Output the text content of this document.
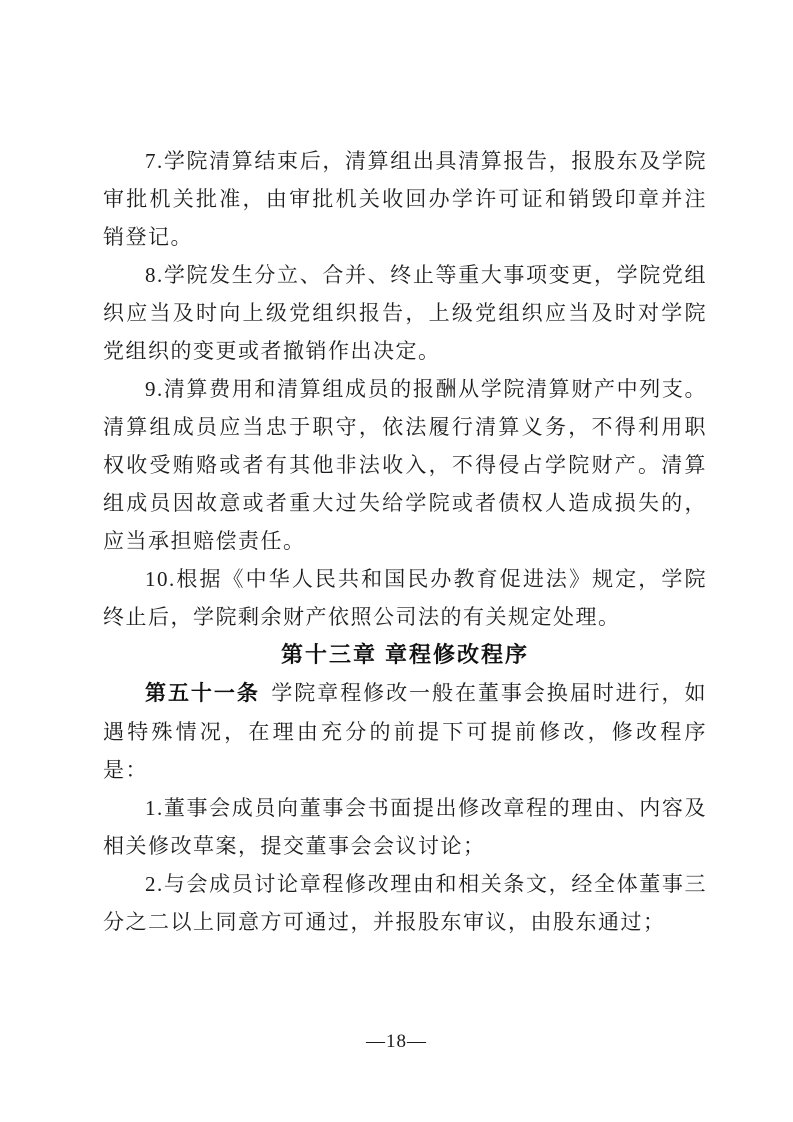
7.学院清算结束后，清算组出具清算报告，报股东及学院审批机关批准，由审批机关收回办学许可证和销毁印章并注销登记。

8.学院发生分立、合并、终止等重大事项变更，学院党组织应当及时向上级党组织报告，上级党组织应当及时对学院党组织的变更或者撤销作出决定。

9.清算费用和清算组成员的报酬从学院清算财产中列支。清算组成员应当忠于职守，依法履行清算义务，不得利用职权收受贿赂或者有其他非法收入，不得侵占学院财产。清算组成员因故意或者重大过失给学院或者债权人造成损失的，应当承担赔偿责任。

10.根据《中华人民共和国民办教育促进法》规定，学院终止后，学院剩余财产依照公司法的有关规定处理。

第十三章 章程修改程序

第五十一条 学院章程修改一般在董事会换届时进行，如遇特殊情况，在理由充分的前提下可提前修改，修改程序是：

1.董事会成员向董事会书面提出修改章程的理由、内容及相关修改草案，提交董事会会议讨论；

2.与会成员讨论章程修改理由和相关条文，经全体董事三分之二以上同意方可通过，并报股东审议，由股东通过；

—18—
